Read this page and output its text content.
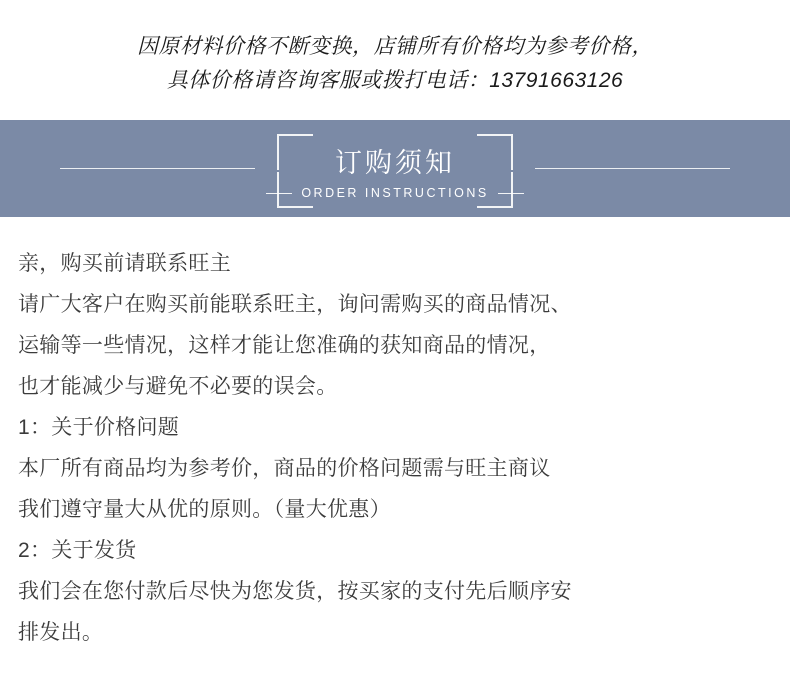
因原材料价格不断变换，店铺所有价格均为参考价格，
具体价格请咨询客服或拨打电话：13791663126
订购须知
ORDER INSTRUCTIONS

亲，购买前请联系旺主

请广大客户在购买前能联系旺主，询问需购买的商品情况、

运输等一些情况，这样才能让您准确的获知商品的情况，

也才能减少与避免不必要的误会。

1：关于价格问题

本厂所有商品均为参考价，商品的价格问题需与旺主商议

我们遵守量大从优的原则。（量大优惠）

2：关于发货

我们会在您付款后尽快为您发货，按买家的支付先后顺序安

排发出。
